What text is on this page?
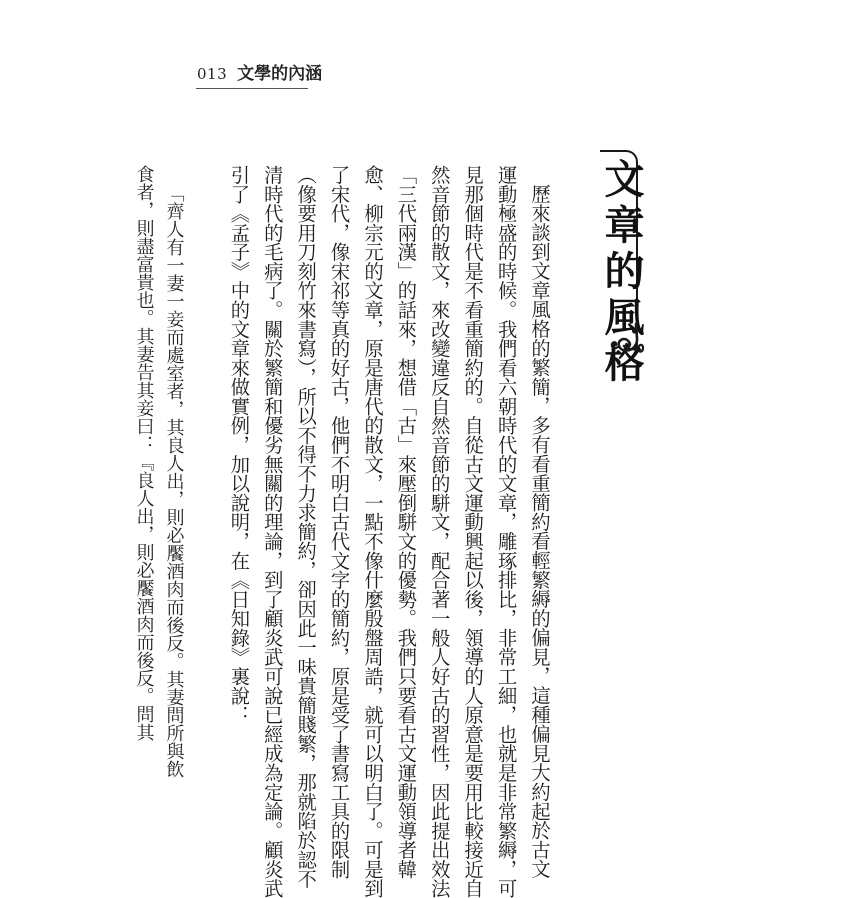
013 文學的內涵
文章的風格
歷來談到文章風格的繁簡，多有看重簡約看輕繁縟的偏見，這種偏見大約起於古文
運動極盛的時候。我們看六朝時代的文章，雕琢排比，非常工細，也就是非常繁縟，可
見那個時代是不看重簡約的。自從古文運動興起以後，領導的人原意是要用比較接近自
然音節的散文，來改變違反自然音節的駢文，配合著一般人好古的習性，因此提出效法
「三代兩漢」的話來，想借「古」來壓倒駢文的優勢。我們只要看古文運動領導者韓
愈、柳宗元的文章，原是唐代的散文，一點不像什麼殷盤周誥，就可以明白了。可是到
了宋代，像宋祁等真的好古，他們不明白古代文字的簡約，原是受了書寫工具的限制
（像要用刀刻竹來書寫），所以不得不力求簡約，卻因此一味貴簡賤繁，那就陷於認不
清時代的毛病了。關於繁簡和優劣無關的理論，到了顧炎武可說已經成為定論。顧炎武
引了《孟子》中的文章來做實例，加以說明，在《日知錄》裏說：
「齊人有一妻一妾而處室者，其良人出，則必饜酒肉而後反。其妻問所與飲
食者，則盡富貴也。其妻告其妾曰：『良人出，則必饜酒肉而後反。問其
